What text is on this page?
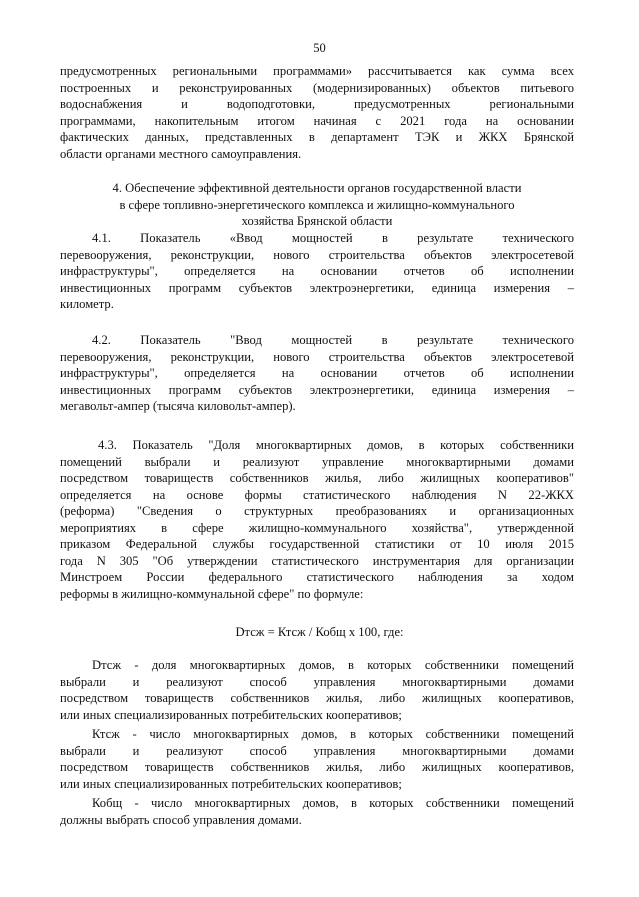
50
предусмотренных региональными программами» рассчитывается как сумма всех
построенных и реконструированных (модернизированных) объектов питьевого
водоснабжения и водоподготовки, предусмотренных региональными
программами, накопительным итогом начиная с 2021 года на основании
фактических данных, представленных в департамент ТЭК и ЖКХ Брянской
области органами местного самоуправления.
4. Обеспечение эффективной деятельности органов государственной власти
в сфере топливно-энергетического комплекса и жилищно-коммунального
хозяйства Брянской области
4.1. Показатель «Ввод мощностей в результате технического
перевооружения, реконструкции, нового строительства объектов электросетевой
инфраструктуры", определяется на основании отчетов об исполнении
инвестиционных программ субъектов электроэнергетики, единица измерения –
километр.
4.2. Показатель "Ввод мощностей в результате технического
перевооружения, реконструкции, нового строительства объектов электросетевой
инфраструктуры", определяется на основании отчетов об исполнении
инвестиционных программ субъектов электроэнергетики, единица измерения –
мегавольт-ампер (тысяча киловольт-ампер).
4.3. Показатель "Доля многоквартирных домов, в которых собственники
помещений выбрали и реализуют управление многоквартирными домами
посредством товариществ собственников жилья, либо жилищных кооперативов"
определяется на основе формы статистического наблюдения N 22-ЖКХ
(реформа) "Сведения о структурных преобразованиях и организационных
мероприятиях в сфере жилищно-коммунального хозяйства", утвержденной
приказом Федеральной службы государственной статистики от 10 июля 2015
года N 305 "Об утверждении статистического инструментария для организации
Минстроем России федерального статистического наблюдения за ходом
реформы в жилищно-коммунальной сфере" по формуле:
Dтсж = Ктсж / Кобщ х 100, где:
Dтсж - доля многоквартирных домов, в которых собственники помещений
выбрали и реализуют способ управления многоквартирными домами
посредством товариществ собственников жилья, либо жилищных кооперативов,
или иных специализированных потребительских кооперативов;
Ктсж - число многоквартирных домов, в которых собственники помещений
выбрали и реализуют способ управления многоквартирными домами
посредством товариществ собственников жилья, либо жилищных кооперативов,
или иных специализированных потребительских кооперативов;
Кобщ - число многоквартирных домов, в которых собственники помещений
должны выбрать способ управления домами.
